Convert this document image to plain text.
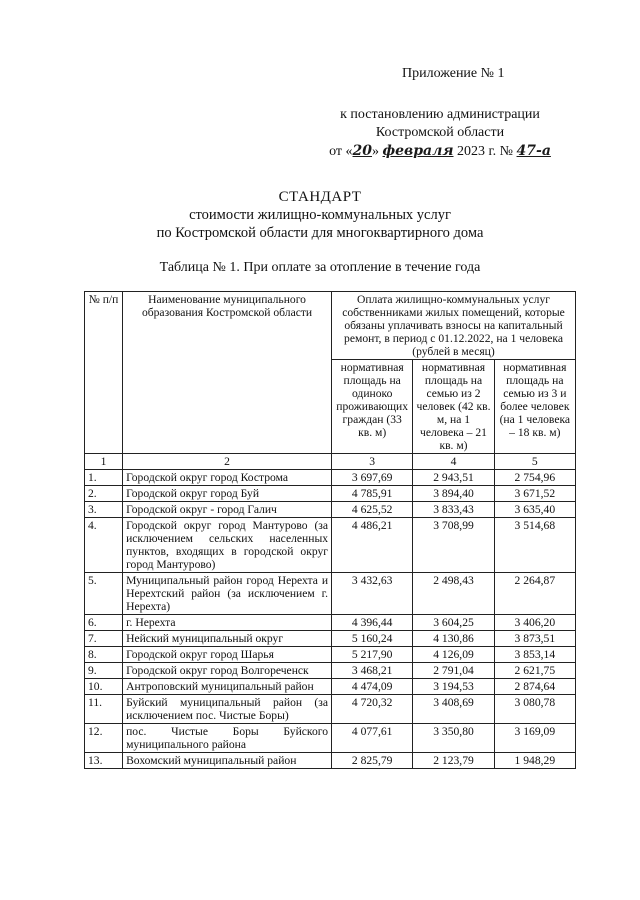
Приложение № 1
к постановлению администрации
Костромской области
от «20» февраля 2023 г. № 47-а
СТАНДАРТ
стоимости жилищно-коммунальных услуг
по Костромской области для многоквартирного дома
Таблица № 1. При оплате за отопление в течение года
№ п/п	Наименование муниципального образования Костромской области	Оплата жилищно-коммунальных услуг собственниками жилых помещений, которые обязаны уплачивать взносы на капитальный ремонт, в период с 01.12.2022, на 1 человека (рублей в месяц)		
		нормативная площадь на одиноко проживающих граждан (33 кв. м)	нормативная площадь на семью из 2 человек (42 кв. м, на 1 человека – 21 кв. м)	нормативная площадь на семью из 3 и более человек (на 1 человека – 18 кв. м)
1	2	3	4	5
1.	Городской округ город Кострома	3 697,69	2 943,51	2 754,96
2.	Городской округ город Буй	4 785,91	3 894,40	3 671,52
3.	Городской округ - город Галич	4 625,52	3 833,43	3 635,40
4.	Городской округ город Мантурово (за исключением сельских населенных пунктов, входящих в городской округ город Мантурово)	4 486,21	3 708,99	3 514,68
5.	Муниципальный район город Нерехта и Нерехтский район (за исключением г. Нерехта)	3 432,63	2 498,43	2 264,87
6.	г. Нерехта	4 396,44	3 604,25	3 406,20
7.	Нейский муниципальный округ	5 160,24	4 130,86	3 873,51
8.	Городской округ город Шарья	5 217,90	4 126,09	3 853,14
9.	Городской округ город Волгореченск	3 468,21	2 791,04	2 621,75
10.	Антроповский муниципальный район	4 474,09	3 194,53	2 874,64
11.	Буйский муниципальный район (за исключением пос. Чистые Боры)	4 720,32	3 408,69	3 080,78
12.	пос. Чистые Боры Буйского муниципального района	4 077,61	3 350,80	3 169,09
13.	Вохомский муниципальный район	2 825,79	2 123,79	1 948,29
